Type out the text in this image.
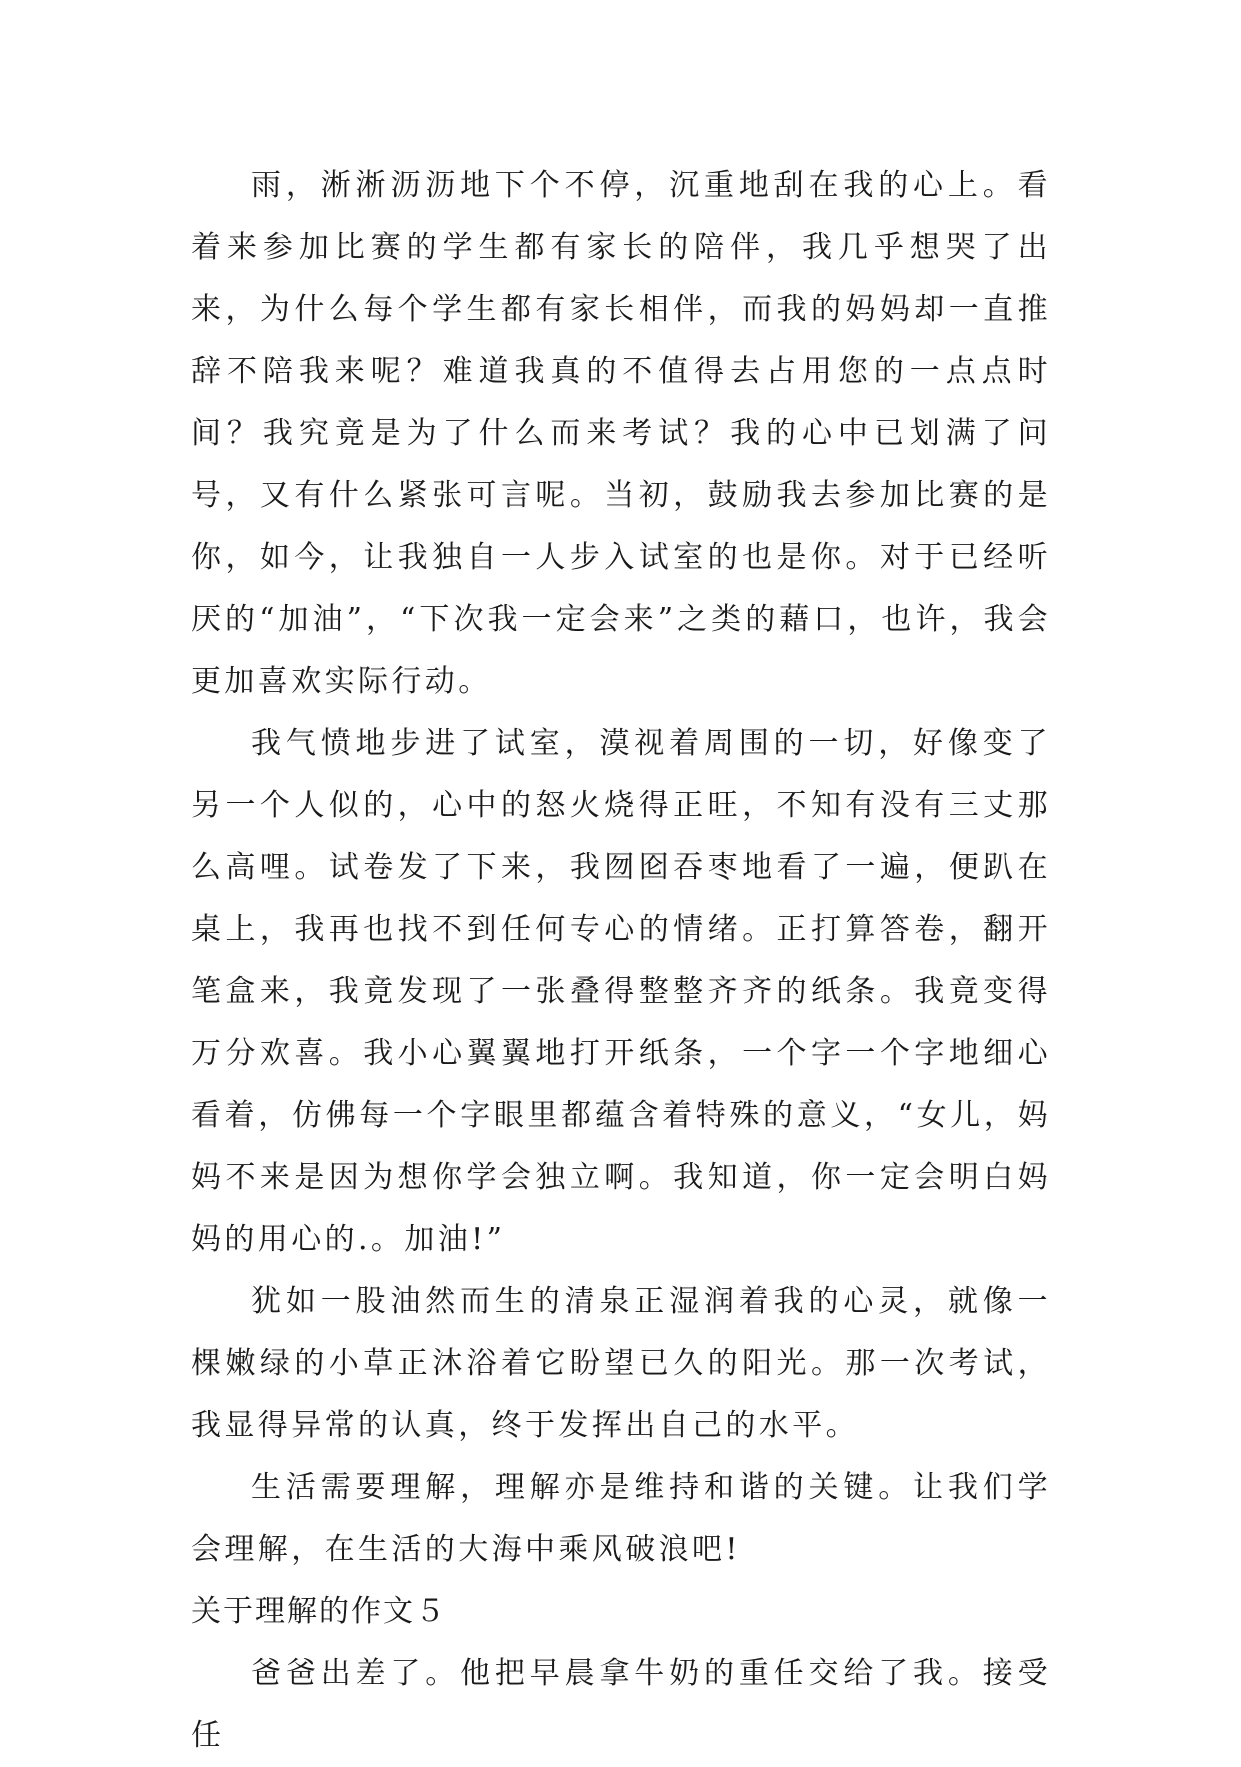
雨，淅淅沥沥地下个不停，沉重地刮在我的心上。看着来参加比赛的学生都有家长的陪伴，我几乎想哭了出来，为什么每个学生都有家长相伴，而我的妈妈却一直推辞不陪我来呢？难道我真的不值得去占用您的一点点时间？我究竟是为了什么而来考试？我的心中已划满了问号，又有什么紧张可言呢。当初，鼓励我去参加比赛的是你，如今，让我独自一人步入试室的也是你。对于已经听厌的“加油”，“下次我一定会来”之类的藉口，也许，我会更加喜欢实际行动。

我气愤地步进了试室，漠视着周围的一切，好像变了另一个人似的，心中的怒火烧得正旺，不知有没有三丈那么高哩。试卷发了下来，我囫囵吞枣地看了一遍，便趴在桌上，我再也找不到任何专心的情绪。正打算答卷，翻开笔盒来，我竟发现了一张叠得整整齐齐的纸条。我竟变得万分欢喜。我小心翼翼地打开纸条，一个字一个字地细心看着，仿佛每一个字眼里都蕴含着特殊的意义，“女儿，妈妈不来是因为想你学会独立啊。我知道，你一定会明白妈妈的用心的.。加油!”

犹如一股油然而生的清泉正湿润着我的心灵，就像一棵嫩绿的小草正沐浴着它盼望已久的阳光。那一次考试，我显得异常的认真，终于发挥出自己的水平。

生活需要理解，理解亦是维持和谐的关键。让我们学会理解，在生活的大海中乘风破浪吧!

关于理解的作文５

爸爸出差了。他把早晨拿牛奶的重任交给了我。接受任
